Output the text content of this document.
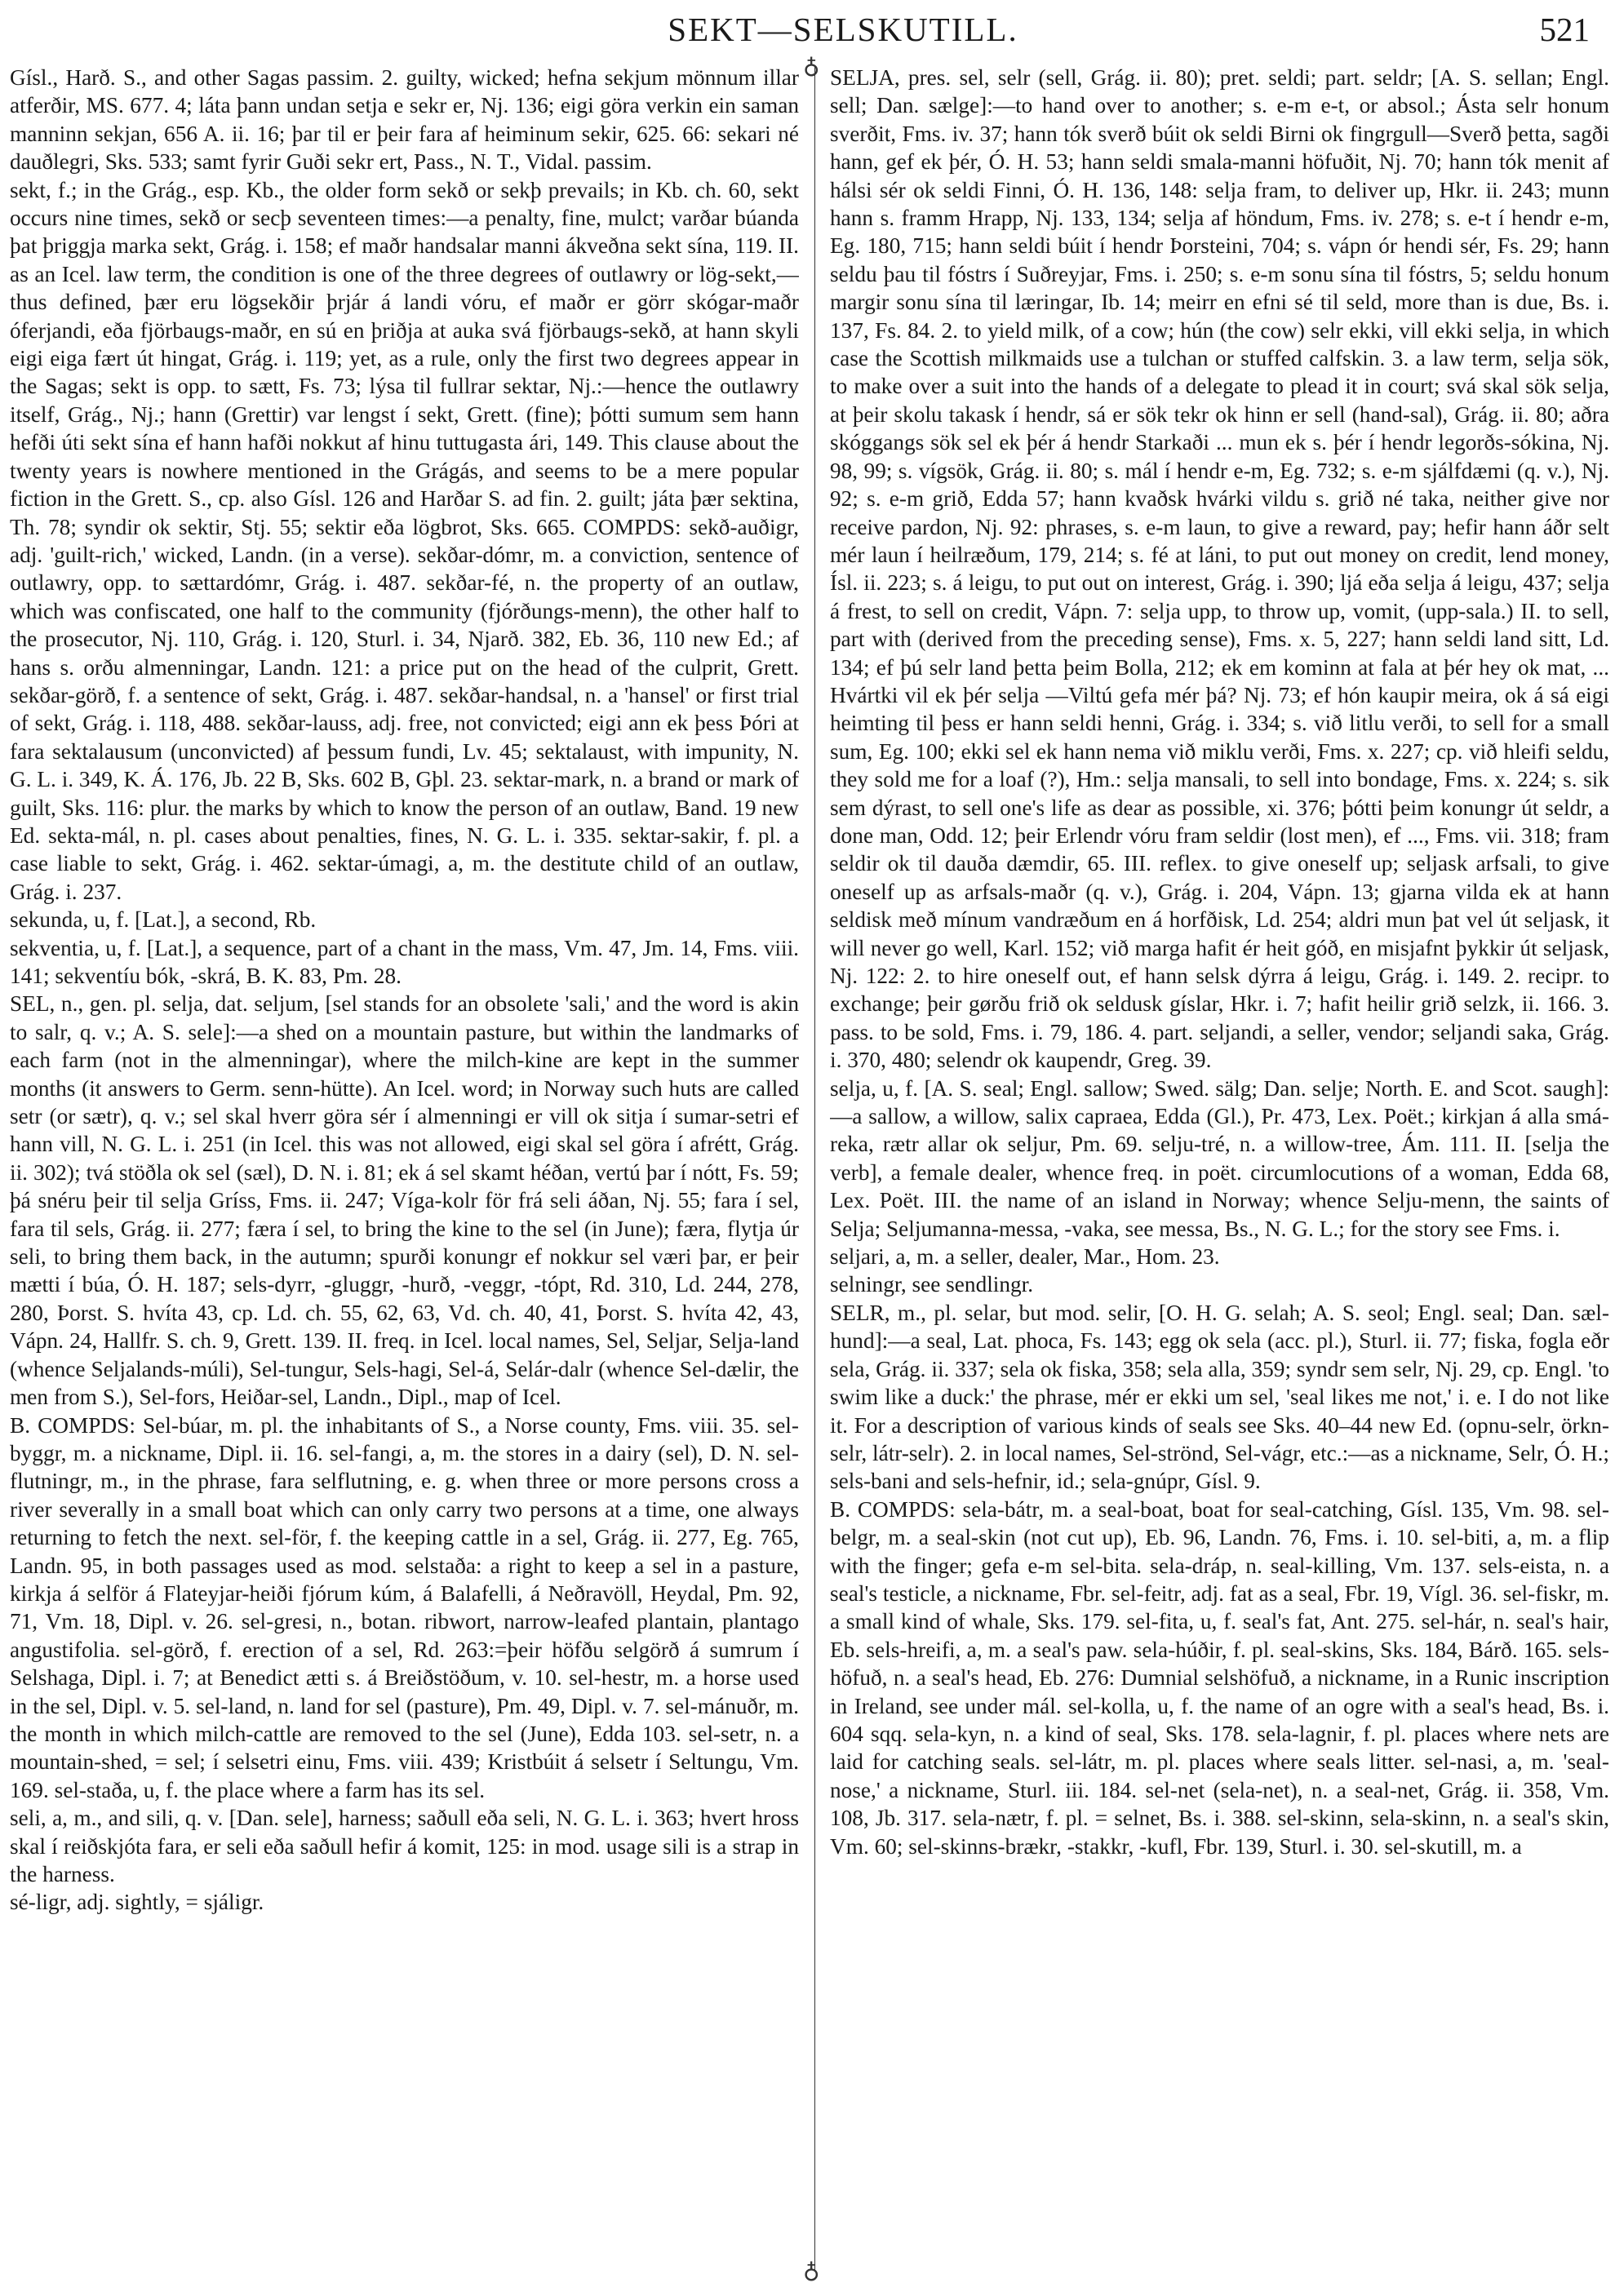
SEKT—SELSKUTILL.	521
♁
♁

Gísl., Harð. S., and other Sagas passim. 2. guilty, wicked; hefna sekjum mönnum illar atferðir, MS. 677. 4; láta þann undan setja e sekr er, Nj. 136; eigi göra verkin ein saman manninn sekjan, 656 A. ii. 16; þar til er þeir fara af heiminum sekir, 625. 66: sekari né dauðlegri, Sks. 533; samt fyrir Guði sekr ert, Pass., N. T., Vidal. passim.

sekt, f.; in the Grág., esp. Kb., the older form sekð or sekþ prevails; in Kb. ch. 60, sekt occurs nine times, sekð or secþ seventeen times:—a penalty, fine, mulct; varðar búanda þat þriggja marka sekt, Grág. i. 158; ef maðr handsalar manni ákveðna sekt sína, 119. II. as an Icel. law term, the condition is one of the three degrees of outlawry or lög-sekt,—thus defined, þær eru lögsekðir þrjár á landi vóru, ef maðr er görr skógar-maðr óferjandi, eða fjörbaugs-maðr, en sú en þriðja at auka svá fjörbaugs-sekð, at hann skyli eigi eiga fært út hingat, Grág. i. 119; yet, as a rule, only the first two degrees appear in the Sagas; sekt is opp. to sætt, Fs. 73; lýsa til fullrar sektar, Nj.:—hence the outlawry itself, Grág., Nj.; hann (Grettir) var lengst í sekt, Grett. (fine); þótti sumum sem hann hefði úti sekt sína ef hann hafði nokkut af hinu tuttugasta ári, 149. This clause about the twenty years is nowhere mentioned in the Grágás, and seems to be a mere popular fiction in the Grett. S., cp. also Gísl. 126 and Harðar S. ad fin. 2. guilt; játa þær sektina, Th. 78; syndir ok sektir, Stj. 55; sektir eða lögbrot, Sks. 665. COMPDS: sekð-auðigr, adj. 'guilt-rich,' wicked, Landn. (in a verse). sekðar-dómr, m. a conviction, sentence of outlawry, opp. to sættardómr, Grág. i. 487. sekðar-fé, n. the property of an outlaw, which was confiscated, one half to the community (fjórðungs-menn), the other half to the prosecutor, Nj. 110, Grág. i. 120, Sturl. i. 34, Njarð. 382, Eb. 36, 110 new Ed.; af hans s. orðu almenningar, Landn. 121: a price put on the head of the culprit, Grett. sekðar-görð, f. a sentence of sekt, Grág. i. 487. sekðar-handsal, n. a 'hansel' or first trial of sekt, Grág. i. 118, 488. sekðar-lauss, adj. free, not convicted; eigi ann ek þess Þóri at fara sektalausum (unconvicted) af þessum fundi, Lv. 45; sektalaust, with impunity, N. G. L. i. 349, K. Á. 176, Jb. 22 B, Sks. 602 B, Gþl. 23. sektar-mark, n. a brand or mark of guilt, Sks. 116: plur. the marks by which to know the person of an outlaw, Band. 19 new Ed. sekta-mál, n. pl. cases about penalties, fines, N. G. L. i. 335. sektar-sakir, f. pl. a case liable to sekt, Grág. i. 462. sektar-úmagi, a, m. the destitute child of an outlaw, Grág. i. 237.

sekunda, u, f. [Lat.], a second, Rb.

sekventia, u, f. [Lat.], a sequence, part of a chant in the mass, Vm. 47, Jm. 14, Fms. viii. 141; sekventíu bók, -skrá, B. K. 83, Pm. 28.

SEL, n., gen. pl. selja, dat. seljum, [sel stands for an obsolete 'sali,' and the word is akin to salr, q. v.; A. S. sele]:—a shed on a mountain pasture, but within the landmarks of each farm (not in the almenningar), where the milch-kine are kept in the summer months (it answers to Germ. senn-hütte). An Icel. word; in Norway such huts are called setr (or sætr), q. v.; sel skal hverr göra sér í almenningi er vill ok sitja í sumar-setri ef hann vill, N. G. L. i. 251 (in Icel. this was not allowed, eigi skal sel göra í afrétt, Grág. ii. 302); tvá stöðla ok sel (sæl), D. N. i. 81; ek á sel skamt héðan, vertú þar í nótt, Fs. 59; þá snéru þeir til selja Gríss, Fms. ii. 247; Víga-kolr för frá seli áðan, Nj. 55; fara í sel, fara til sels, Grág. ii. 277; færa í sel, to bring the kine to the sel (in June); færa, flytja úr seli, to bring them back, in the autumn; spurði konungr ef nokkur sel væri þar, er þeir mætti í búa, Ó. H. 187; sels-dyrr, -gluggr, -hurð, -veggr, -tópt, Rd. 310, Ld. 244, 278, 280, Þorst. S. hvíta 43, cp. Ld. ch. 55, 62, 63, Vd. ch. 40, 41, Þorst. S. hvíta 42, 43, Vápn. 24, Hallfr. S. ch. 9, Grett. 139. II. freq. in Icel. local names, Sel, Seljar, Selja-land (whence Seljalands-múli), Sel-tungur, Sels-hagi, Sel-á, Selár-dalr (whence Sel-dælir, the men from S.), Sel-fors, Heiðar-sel, Landn., Dipl., map of Icel.

B. COMPDS: Sel-búar, m. pl. the inhabitants of S., a Norse county, Fms. viii. 35. sel-byggr, m. a nickname, Dipl. ii. 16. sel-fangi, a, m. the stores in a dairy (sel), D. N. sel-flutningr, m., in the phrase, fara selflutning, e. g. when three or more persons cross a river severally in a small boat which can only carry two persons at a time, one always returning to fetch the next. sel-för, f. the keeping cattle in a sel, Grág. ii. 277, Eg. 765, Landn. 95, in both passages used as mod. selstaða: a right to keep a sel in a pasture, kirkja á selför á Flateyjar-heiði fjórum kúm, á Balafelli, á Neðravöll, Heydal, Pm. 92, 71, Vm. 18, Dipl. v. 26. sel-gresi, n., botan. ribwort, narrow-leafed plantain, plantago angustifolia. sel-görð, f. erection of a sel, Rd. 263:=þeir höfðu selgörð á sumrum í Selshaga, Dipl. i. 7; at Benedict ætti s. á Breiðstöðum, v. 10. sel-hestr, m. a horse used in the sel, Dipl. v. 5. sel-land, n. land for sel (pasture), Pm. 49, Dipl. v. 7. sel-mánuðr, m. the month in which milch-cattle are removed to the sel (June), Edda 103. sel-setr, n. a mountain-shed, = sel; í selsetri einu, Fms. viii. 439; Kristbúit á selsetr í Seltungu, Vm. 169. sel-staða, u, f. the place where a farm has its sel.

seli, a, m., and sili, q. v. [Dan. sele], harness; saðull eða seli, N. G. L. i. 363; hvert hross skal í reiðskjóta fara, er seli eða saðull hefir á komit, 125: in mod. usage sili is a strap in the harness.

sé-ligr, adj. sightly, = sjáligr.

SELJA, pres. sel, selr (sell, Grág. ii. 80); pret. seldi; part. seldr; [A. S. sellan; Engl. sell; Dan. sælge]:—to hand over to another; s. e-m e-t, or absol.; Ásta selr honum sverðit, Fms. iv. 37; hann tók sverð búit ok seldi Birni ok fingrgull—Sverð þetta, sagði hann, gef ek þér, Ó. H. 53; hann seldi smala-manni höfuðit, Nj. 70; hann tók menit af hálsi sér ok seldi Finni, Ó. H. 136, 148: selja fram, to deliver up, Hkr. ii. 243; munn hann s. framm Hrapp, Nj. 133, 134; selja af höndum, Fms. iv. 278; s. e-t í hendr e-m, Eg. 180, 715; hann seldi búit í hendr Þorsteini, 704; s. vápn ór hendi sér, Fs. 29; hann seldu þau til fóstrs í Suðreyjar, Fms. i. 250; s. e-m sonu sína til fóstrs, 5; seldu honum margir sonu sína til læringar, Ib. 14; meirr en efni sé til seld, more than is due, Bs. i. 137, Fs. 84. 2. to yield milk, of a cow; hún (the cow) selr ekki, vill ekki selja, in which case the Scottish milkmaids use a tulchan or stuffed calfskin. 3. a law term, selja sök, to make over a suit into the hands of a delegate to plead it in court; svá skal sök selja, at þeir skolu takask í hendr, sá er sök tekr ok hinn er sell (hand-sal), Grág. ii. 80; aðra skóggangs sök sel ek þér á hendr Starkaði ... mun ek s. þér í hendr legorðs-sókina, Nj. 98, 99; s. vígsök, Grág. ii. 80; s. mál í hendr e-m, Eg. 732; s. e-m sjálfdæmi (q. v.), Nj. 92; s. e-m grið, Edda 57; hann kvaðsk hvárki vildu s. grið né taka, neither give nor receive pardon, Nj. 92: phrases, s. e-m laun, to give a reward, pay; hefir hann áðr selt mér laun í heilræðum, 179, 214; s. fé at láni, to put out money on credit, lend money, Ísl. ii. 223; s. á leigu, to put out on interest, Grág. i. 390; ljá eða selja á leigu, 437; selja á frest, to sell on credit, Vápn. 7: selja upp, to throw up, vomit, (upp-sala.) II. to sell, part with (derived from the preceding sense), Fms. x. 5, 227; hann seldi land sitt, Ld. 134; ef þú selr land þetta þeim Bolla, 212; ek em kominn at fala at þér hey ok mat, ... Hvártki vil ek þér selja —Viltú gefa mér þá? Nj. 73; ef hón kaupir meira, ok á sá eigi heimting til þess er hann seldi henni, Grág. i. 334; s. við litlu verði, to sell for a small sum, Eg. 100; ekki sel ek hann nema við miklu verði, Fms. x. 227; cp. við hleifi seldu, they sold me for a loaf (?), Hm.: selja mansali, to sell into bondage, Fms. x. 224; s. sik sem dýrast, to sell one's life as dear as possible, xi. 376; þótti þeim konungr út seldr, a done man, Odd. 12; þeir Erlendr vóru fram seldir (lost men), ef ..., Fms. vii. 318; fram seldir ok til dauða dæmdir, 65. III. reflex. to give oneself up; seljask arfsali, to give oneself up as arfsals-maðr (q. v.), Grág. i. 204, Vápn. 13; gjarna vilda ek at hann seldisk með mínum vandræðum en á horfðisk, Ld. 254; aldri mun þat vel út seljask, it will never go well, Karl. 152; við marga hafit ér heit góð, en misjafnt þykkir út seljask, Nj. 122: 2. to hire oneself out, ef hann selsk dýrra á leigu, Grág. i. 149. 2. recipr. to exchange; þeir gørðu frið ok seldusk gíslar, Hkr. i. 7; hafit heilir grið selzk, ii. 166. 3. pass. to be sold, Fms. i. 79, 186. 4. part. seljandi, a seller, vendor; seljandi saka, Grág. i. 370, 480; selendr ok kaupendr, Greg. 39.

selja, u, f. [A. S. seal; Engl. sallow; Swed. sälg; Dan. selje; North. E. and Scot. saugh]:—a sallow, a willow, salix capraea, Edda (Gl.), Pr. 473, Lex. Poët.; kirkjan á alla smá-reka, rætr allar ok seljur, Pm. 69. selju-tré, n. a willow-tree, Ám. 111. II. [selja the verb], a female dealer, whence freq. in poët. circumlocutions of a woman, Edda 68, Lex. Poët. III. the name of an island in Norway; whence Selju-menn, the saints of Selja; Seljumanna-messa, -vaka, see messa, Bs., N. G. L.; for the story see Fms. i.

seljari, a, m. a seller, dealer, Mar., Hom. 23.

selningr, see sendlingr.

SELR, m., pl. selar, but mod. selir, [O. H. G. selah; A. S. seol; Engl. seal; Dan. sæl-hund]:—a seal, Lat. phoca, Fs. 143; egg ok sela (acc. pl.), Sturl. ii. 77; fiska, fogla eðr sela, Grág. ii. 337; sela ok fiska, 358; sela alla, 359; syndr sem selr, Nj. 29, cp. Engl. 'to swim like a duck:' the phrase, mér er ekki um sel, 'seal likes me not,' i. e. I do not like it. For a description of various kinds of seals see Sks. 40–44 new Ed. (opnu-selr, örkn-selr, látr-selr). 2. in local names, Sel-strönd, Sel-vágr, etc.:—as a nickname, Selr, Ó. H.; sels-bani and sels-hefnir, id.; sela-gnúpr, Gísl. 9.

B. COMPDS: sela-bátr, m. a seal-boat, boat for seal-catching, Gísl. 135, Vm. 98. sel-belgr, m. a seal-skin (not cut up), Eb. 96, Landn. 76, Fms. i. 10. sel-biti, a, m. a flip with the finger; gefa e-m sel-bita. sela-dráp, n. seal-killing, Vm. 137. sels-eista, n. a seal's testicle, a nickname, Fbr. sel-feitr, adj. fat as a seal, Fbr. 19, Vígl. 36. sel-fiskr, m. a small kind of whale, Sks. 179. sel-fita, u, f. seal's fat, Ant. 275. sel-hár, n. seal's hair, Eb. sels-hreifi, a, m. a seal's paw. sela-húðir, f. pl. seal-skins, Sks. 184, Bárð. 165. sels-höfuð, n. a seal's head, Eb. 276: Dumnial selshöfuð, a nickname, in a Runic inscription in Ireland, see under mál. sel-kolla, u, f. the name of an ogre with a seal's head, Bs. i. 604 sqq. sela-kyn, n. a kind of seal, Sks. 178. sela-lagnir, f. pl. places where nets are laid for catching seals. sel-látr, m. pl. places where seals litter. sel-nasi, a, m. 'seal-nose,' a nickname, Sturl. iii. 184. sel-net (sela-net), n. a seal-net, Grág. ii. 358, Vm. 108, Jb. 317. sela-nætr, f. pl. = selnet, Bs. i. 388. sel-skinn, sela-skinn, n. a seal's skin, Vm. 60; sel-skinns-brækr, -stakkr, -kufl, Fbr. 139, Sturl. i. 30. sel-skutill, m. a
